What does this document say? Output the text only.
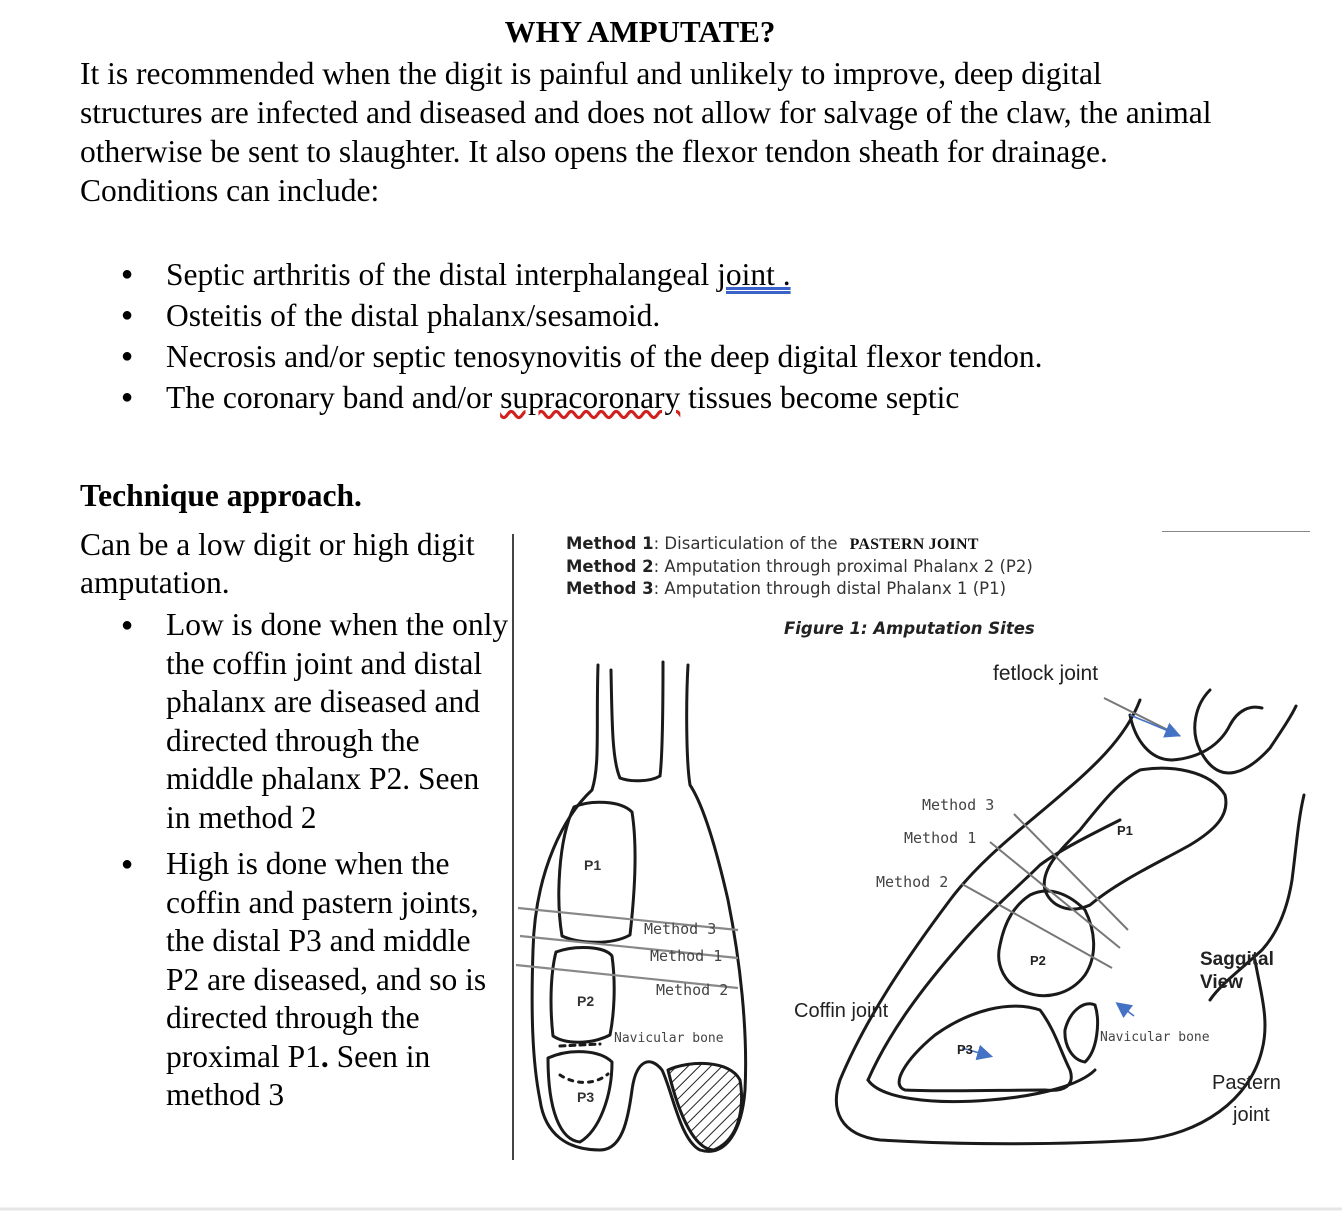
WHY AMPUTATE?
It is recommended when the digit is painful and unlikely to improve, deep digital structures are infected and diseased and does not allow for salvage of the claw, the animal otherwise be sent to slaughter. It also opens the flexor tendon sheath for drainage. Conditions can include:
● Septic arthritis of the distal interphalangeal joint .
● Osteitis of the distal phalanx/sesamoid.
● Necrosis and/or septic tenosynovitis of the deep digital flexor tendon.
● The coronary band and/or supracoronary tissues become septic
Technique approach.
Can be a low digit or high digit amputation.
● Low is done when the only the coffin joint and distal phalanx are diseased and directed through the middle phalanx P2. Seen in method 2
● High is done when the coffin and pastern joints, the distal P3 and middle P2 are diseased, and so is directed through the proximal P1. Seen in method 3
Method 1: Disarticulation of the PASTERN JOINT
Method 2: Amputation through proximal Phalanx 2 (P2)
Method 3: Amputation through distal Phalanx 1 (P1)
Figure 1: Amputation Sites
P1
P2
P3
Method 3
Method 1
Method 2
Navicular bone
fetlock joint
Method 3
Method 1
Method 2
P1
P2
P3
Coffin joint
Saggital
View
Navicular bone
Pastern
joint
